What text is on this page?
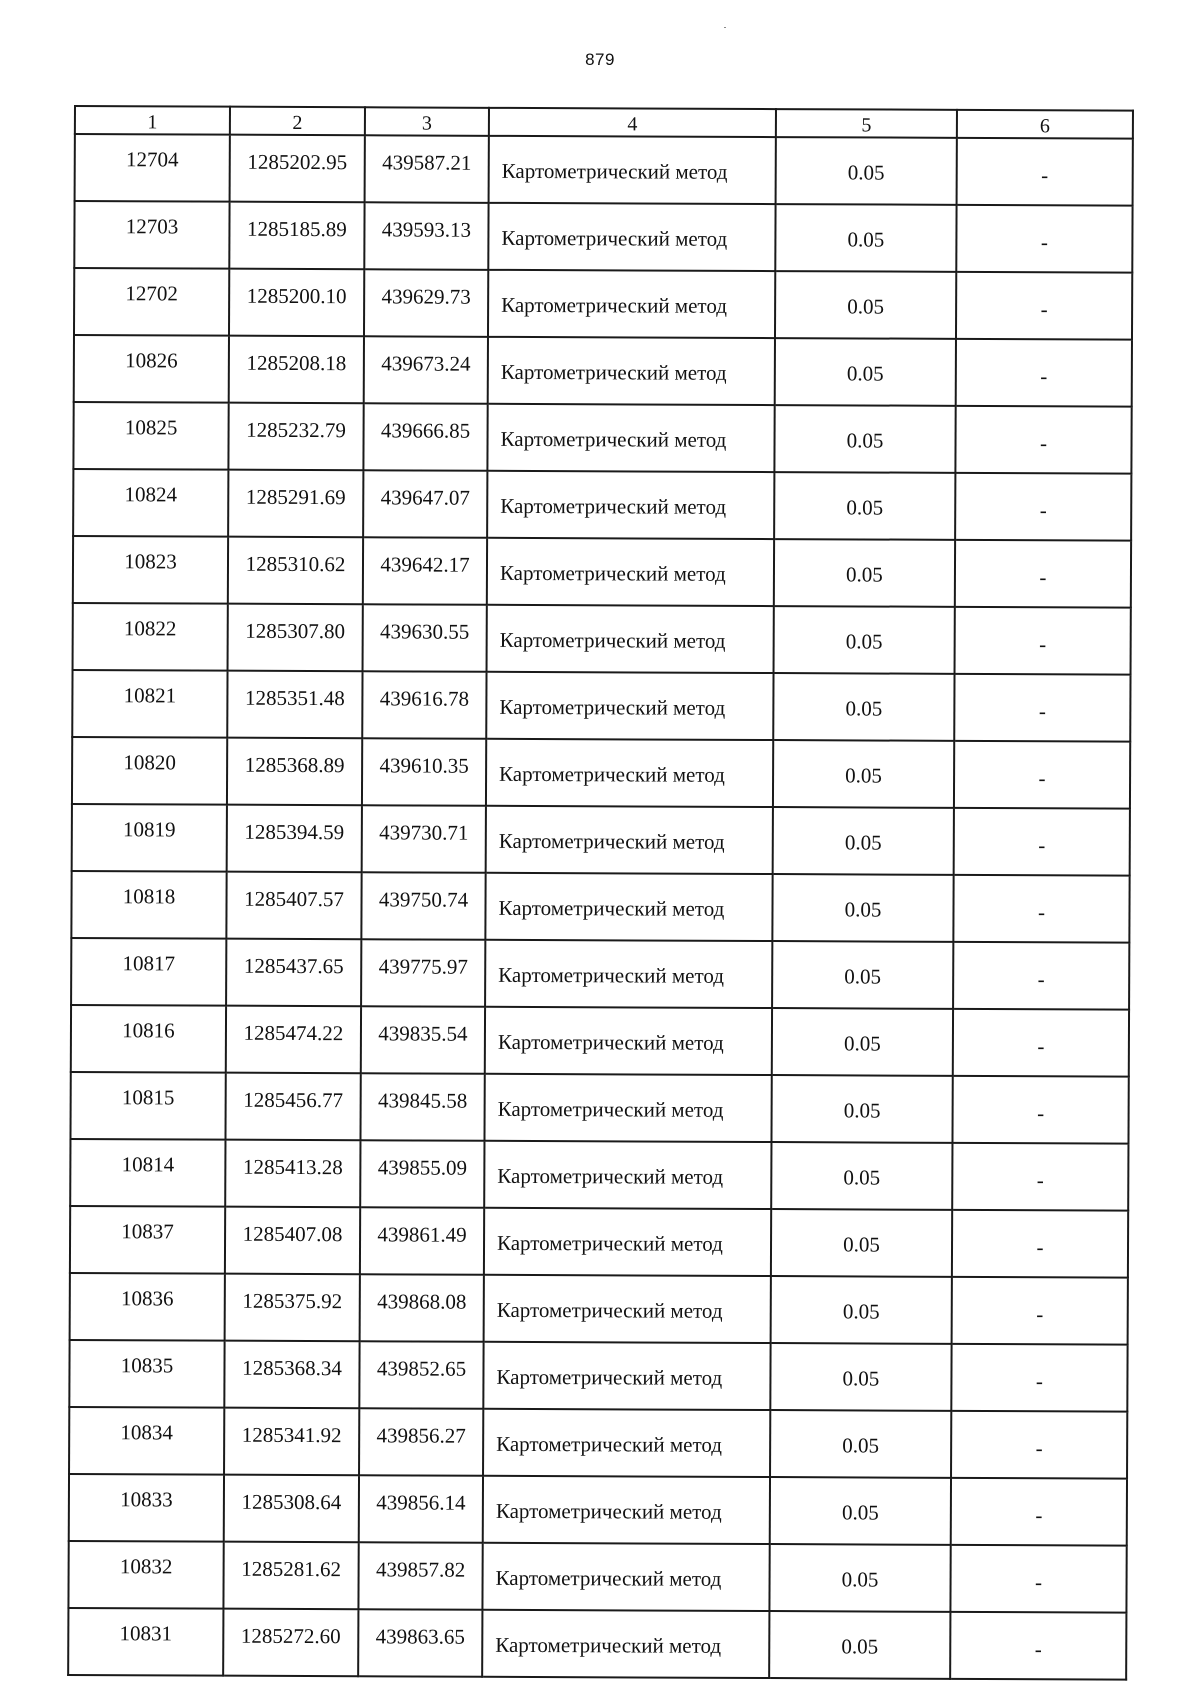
879
1	2	3	4	5	6
12704	1285202.95	439587.21	Картометрический метод	0.05	-
12703	1285185.89	439593.13	Картометрический метод	0.05	-
12702	1285200.10	439629.73	Картометрический метод	0.05	-
10826	1285208.18	439673.24	Картометрический метод	0.05	-
10825	1285232.79	439666.85	Картометрический метод	0.05	-
10824	1285291.69	439647.07	Картометрический метод	0.05	-
10823	1285310.62	439642.17	Картометрический метод	0.05	-
10822	1285307.80	439630.55	Картометрический метод	0.05	-
10821	1285351.48	439616.78	Картометрический метод	0.05	-
10820	1285368.89	439610.35	Картометрический метод	0.05	-
10819	1285394.59	439730.71	Картометрический метод	0.05	-
10818	1285407.57	439750.74	Картометрический метод	0.05	-
10817	1285437.65	439775.97	Картометрический метод	0.05	-
10816	1285474.22	439835.54	Картометрический метод	0.05	-
10815	1285456.77	439845.58	Картометрический метод	0.05	-
10814	1285413.28	439855.09	Картометрический метод	0.05	-
10837	1285407.08	439861.49	Картометрический метод	0.05	-
10836	1285375.92	439868.08	Картометрический метод	0.05	-
10835	1285368.34	439852.65	Картометрический метод	0.05	-
10834	1285341.92	439856.27	Картометрический метод	0.05	-
10833	1285308.64	439856.14	Картометрический метод	0.05	-
10832	1285281.62	439857.82	Картометрический метод	0.05	-
10831	1285272.60	439863.65	Картометрический метод	0.05	-
